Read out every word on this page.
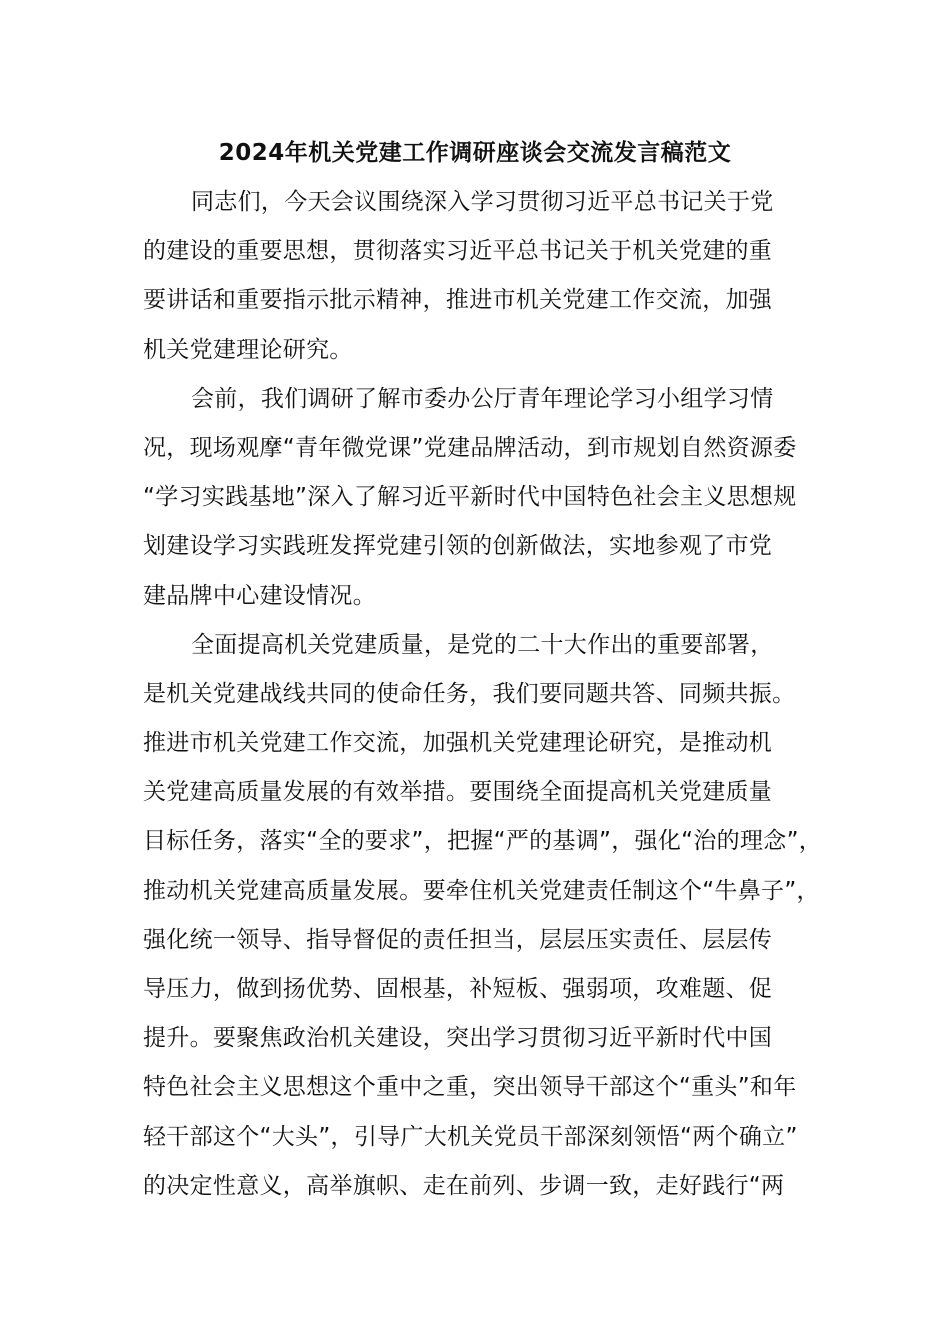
2024年机关党建工作调研座谈会交流发言稿范文
同志们，今天会议围绕深入学习贯彻习近平总书记关于党
的建设的重要思想，贯彻落实习近平总书记关于机关党建的重
要讲话和重要指示批示精神，推进市机关党建工作交流，加强
机关党建理论研究。
会前，我们调研了解市委办公厅青年理论学习小组学习情
况，现场观摩“青年微党课”党建品牌活动，到市规划自然资源委
“学习实践基地”深入了解习近平新时代中国特色社会主义思想规
划建设学习实践班发挥党建引领的创新做法，实地参观了市党
建品牌中心建设情况。
全面提高机关党建质量，是党的二十大作出的重要部署，
是机关党建战线共同的使命任务，我们要同题共答、同频共振。
推进市机关党建工作交流，加强机关党建理论研究，是推动机
关党建高质量发展的有效举措。要围绕全面提高机关党建质量
目标任务，落实“全的要求”，把握“严的基调”，强化“治的理念”，
推动机关党建高质量发展。要牵住机关党建责任制这个“牛鼻子”，
强化统一领导、指导督促的责任担当，层层压实责任、层层传
导压力，做到扬优势、固根基，补短板、强弱项，攻难题、促
提升。要聚焦政治机关建设，突出学习贯彻习近平新时代中国
特色社会主义思想这个重中之重，突出领导干部这个“重头”和年
轻干部这个“大头”，引导广大机关党员干部深刻领悟“两个确立”
的决定性意义，高举旗帜、走在前列、步调一致，走好践行“两
